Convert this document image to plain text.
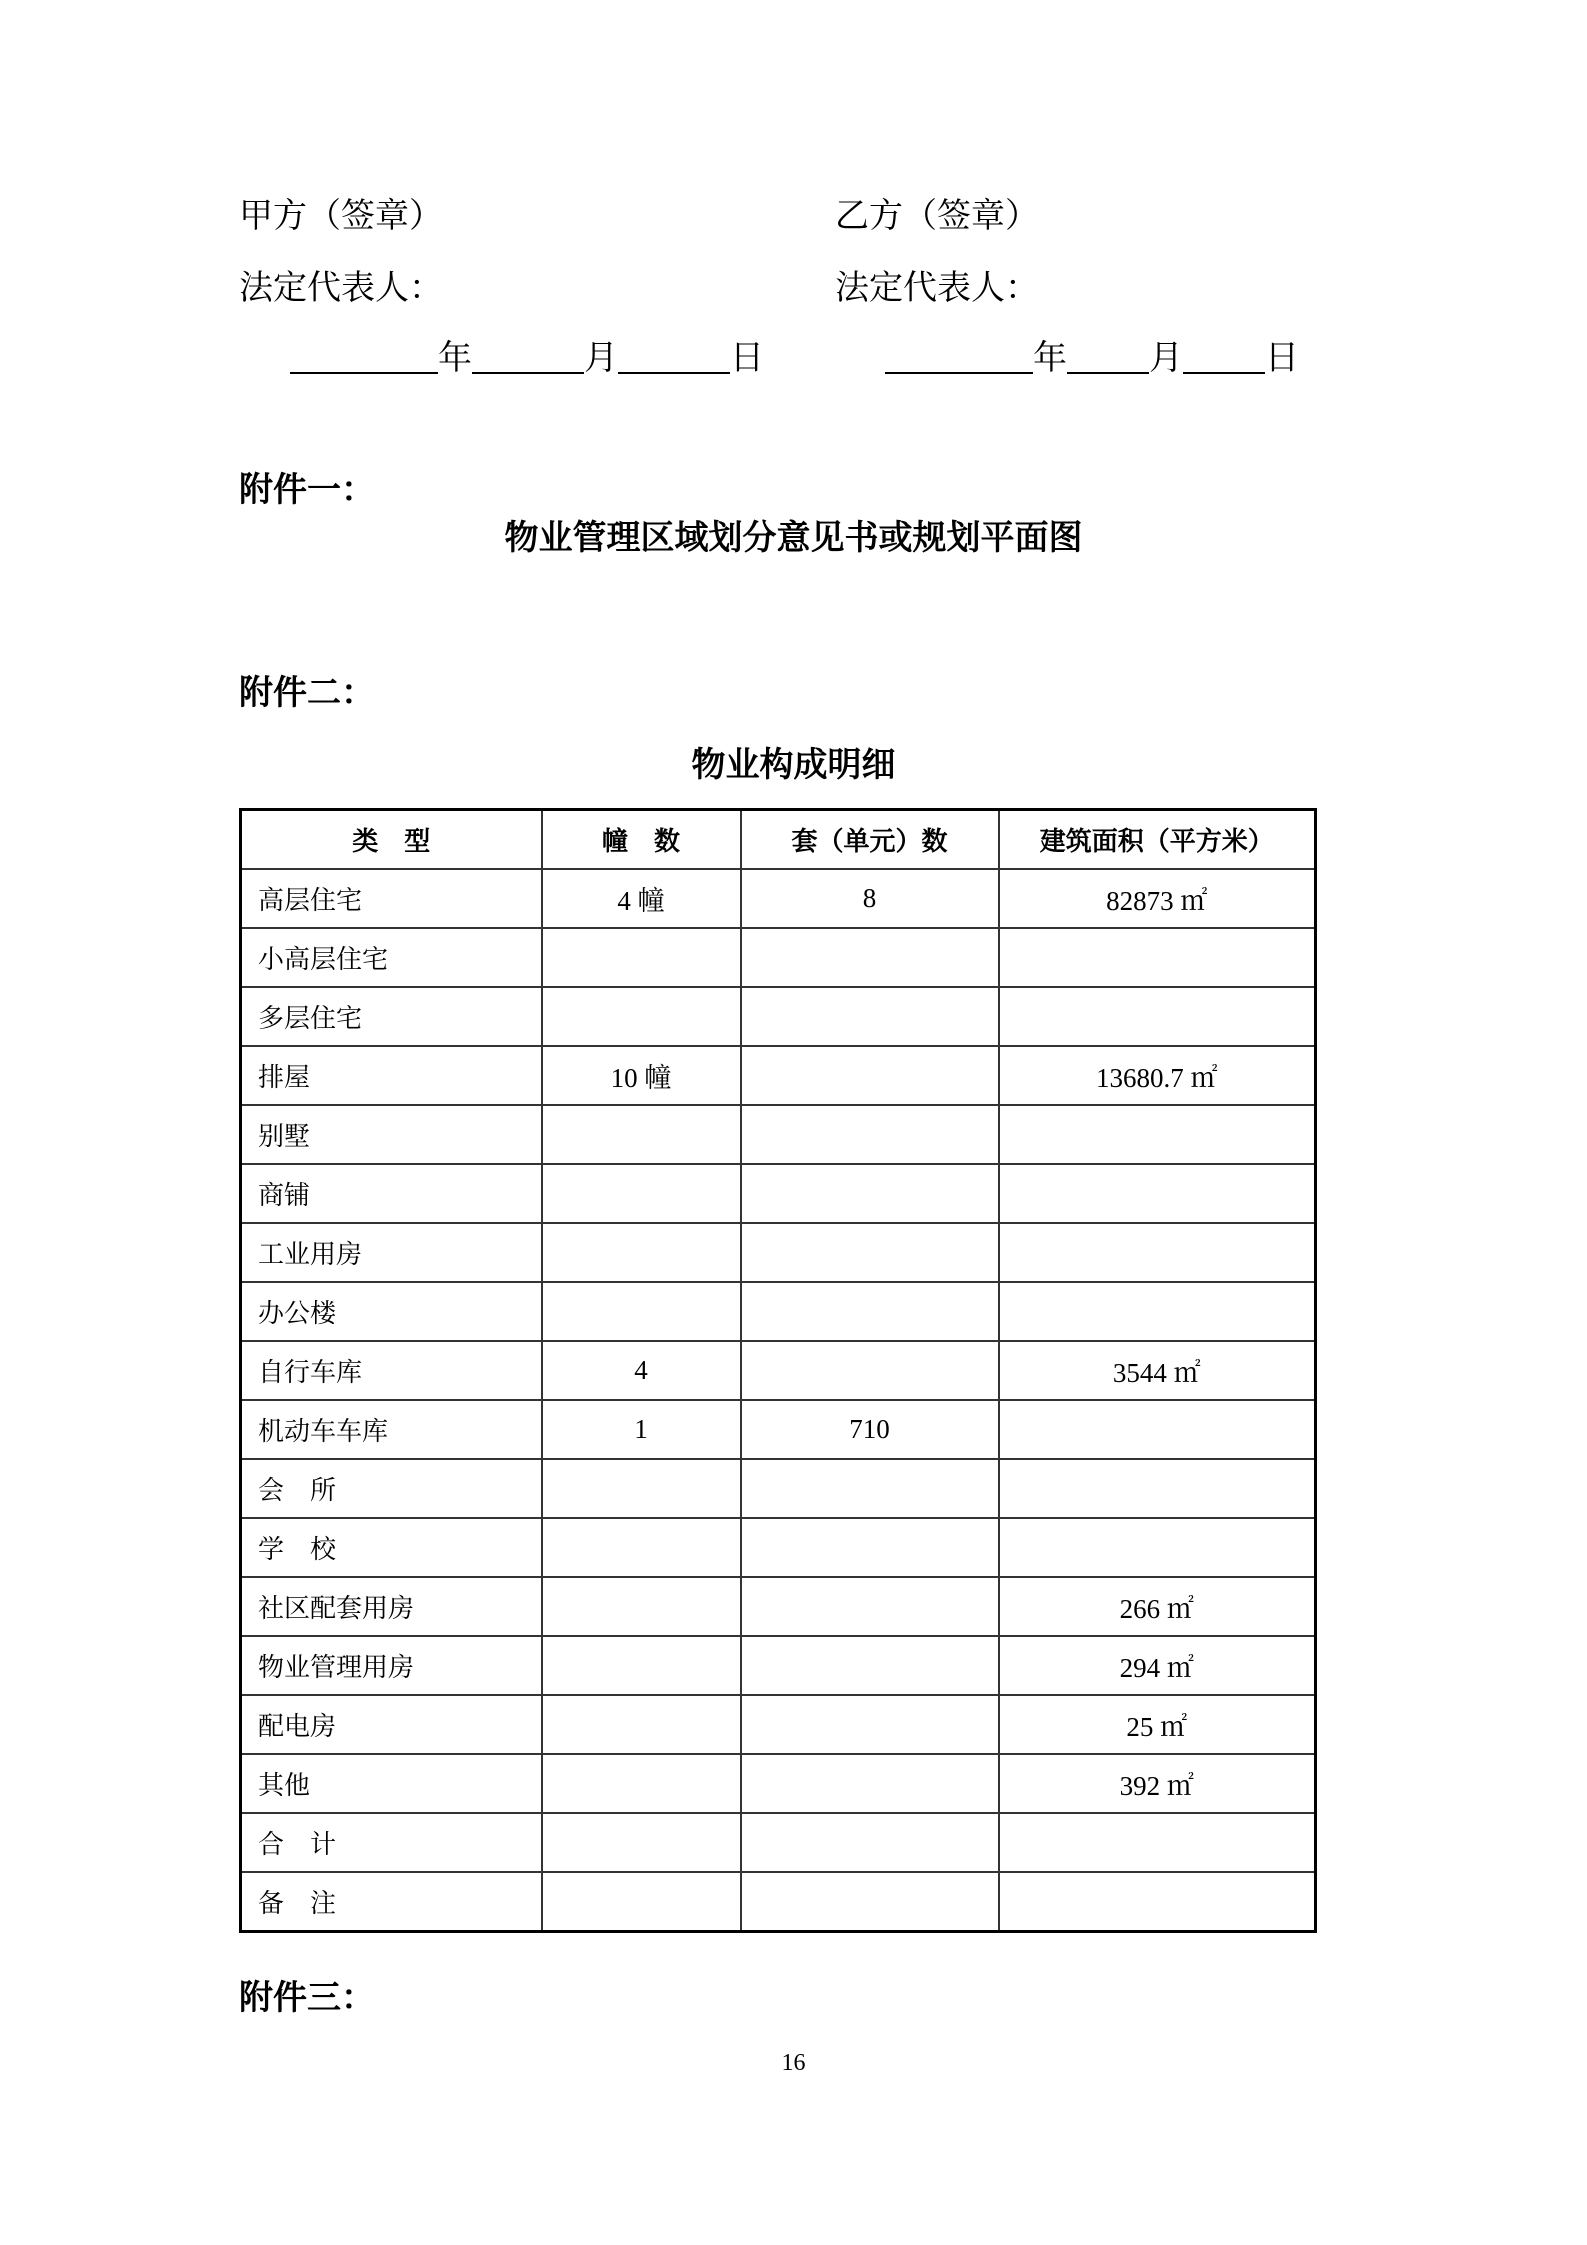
甲方（签章）	乙方（签章）
法定代表人：	法定代表人：
年	月	日	年 月 日
附件一：
物业管理区域划分意见书或规划平面图
附件二：
物业构成明细
类　型	幢　数	套（单元）数	建筑面积（平方米）
高层住宅	4 幢	8	82873 ㎡
小高层住宅			
多层住宅			
排屋	10 幢		13680.7 ㎡
别墅			
商铺			
工业用房			
办公楼			
自行车库	4		3544 ㎡
机动车车库	1	710	
会　所			
学　校			
社区配套用房			266 ㎡
物业管理用房			294 ㎡
配电房			25 ㎡
其他			392 ㎡
合　计			
备　注			
附件三：
16
